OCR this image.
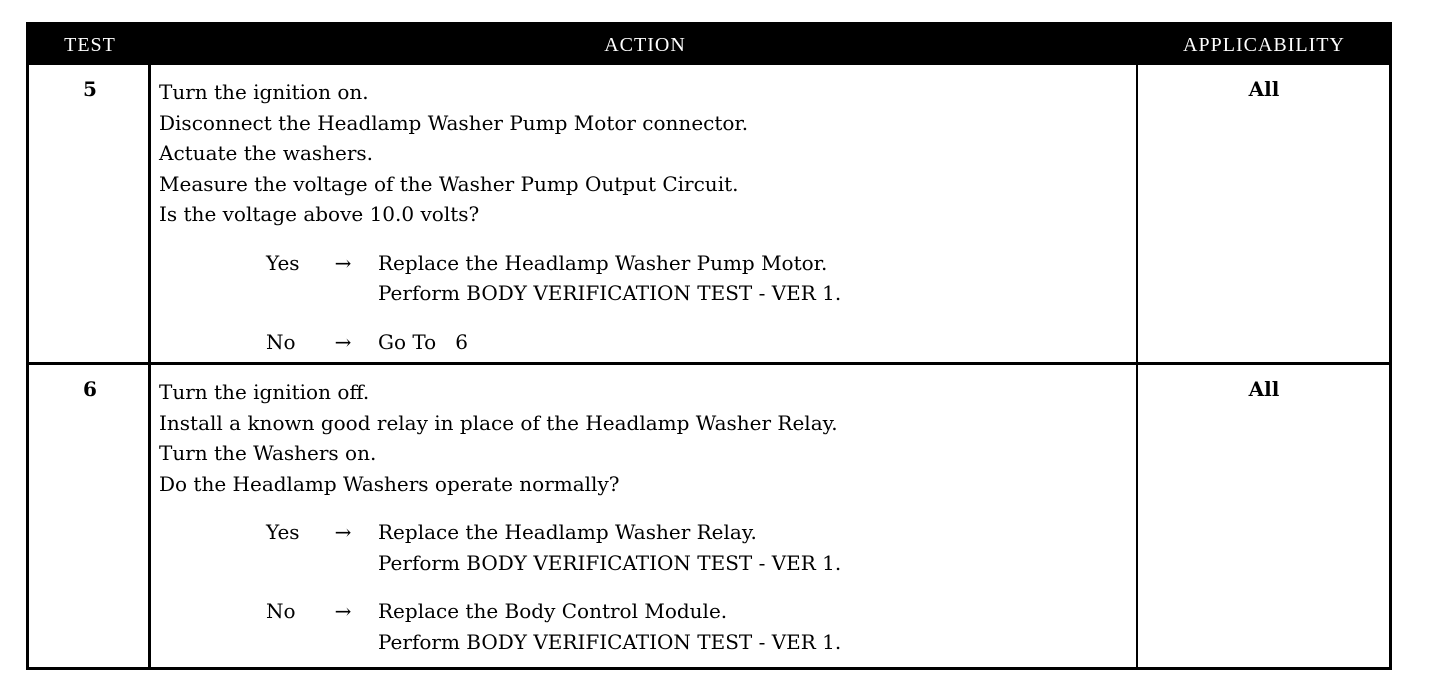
TEST	ACTION	APPLICABILITY
5	Turn the ignition on.
Disconnect the Headlamp Washer Pump Motor connector.
Actuate the washers.
Measure the voltage of the Washer Pump Output Circuit.
Is the voltage above 10.0 volts?
Yes	→	Replace the Headlamp Washer Pump Motor.
Perform BODY VERIFICATION TEST - VER 1.
No	→	Go To   6
All
6	Turn the ignition off.
Install a known good relay in place of the Headlamp Washer Relay.
Turn the Washers on.
Do the Headlamp Washers operate normally?
Yes	→	Replace the Headlamp Washer Relay.
Perform BODY VERIFICATION TEST - VER 1.
No	→	Replace the Body Control Module.
Perform BODY VERIFICATION TEST - VER 1.
All
